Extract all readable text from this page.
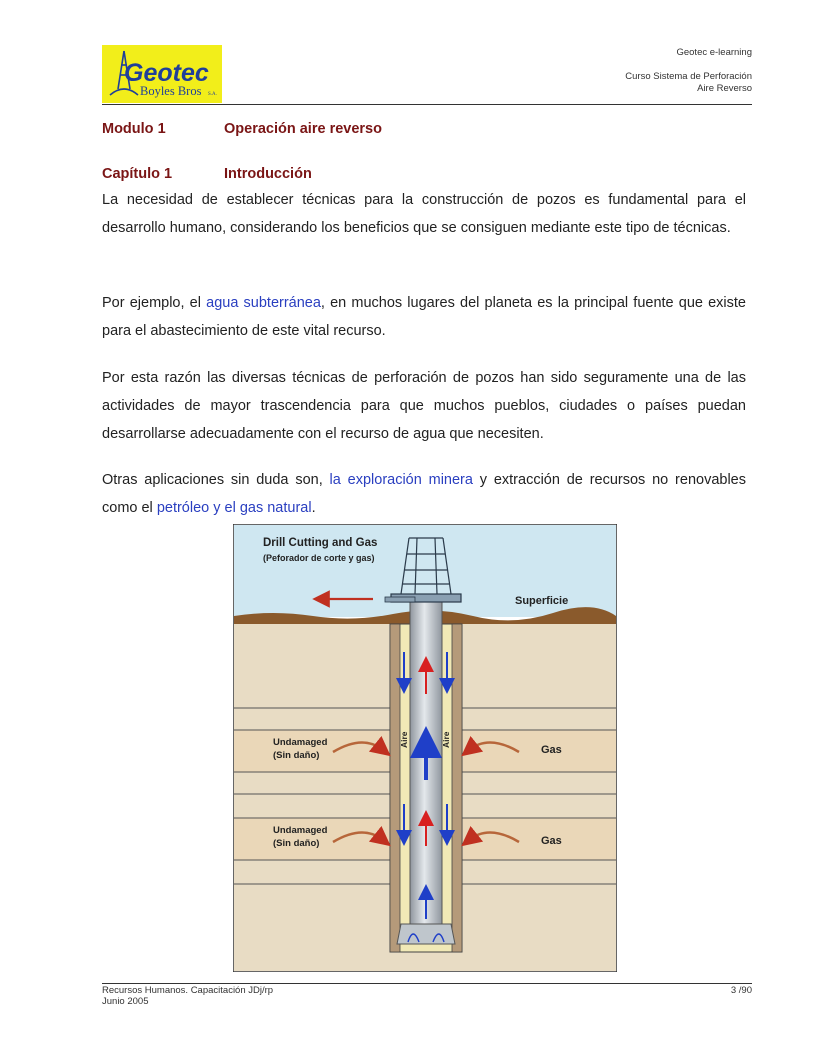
Geotec
Boyles Bros S.A.
Geotec e-learning
Curso Sistema de Perforación
Aire Reverso
Modulo 1	Operación aire reverso
Capítulo 1	Introducción
La necesidad de establecer técnicas para la construcción de pozos es fundamental para el desarrollo humano, considerando los beneficios que se consiguen mediante este tipo de técnicas.
Por ejemplo, el agua subterránea, en muchos lugares del planeta es la principal fuente que existe para el abastecimiento de este vital recurso.
Por esta razón las diversas técnicas de perforación de pozos han sido seguramente una de las actividades de mayor trascendencia para que muchos pueblos, ciudades o países puedan desarrollarse adecuadamente con el recurso de agua que necesiten.
Otras aplicaciones sin duda son, la exploración minera y extracción de recursos no renovables como el petróleo y el gas natural.
Drill Cutting and Gas
(Peforador de corte y gas)
Superficie
Undamaged
(Sin daño)
Undamaged
(Sin daño)
Gas
Gas
Aire	Aire
Recursos Humanos. Capacitación JDj/rp
Junio 2005
3 /90
